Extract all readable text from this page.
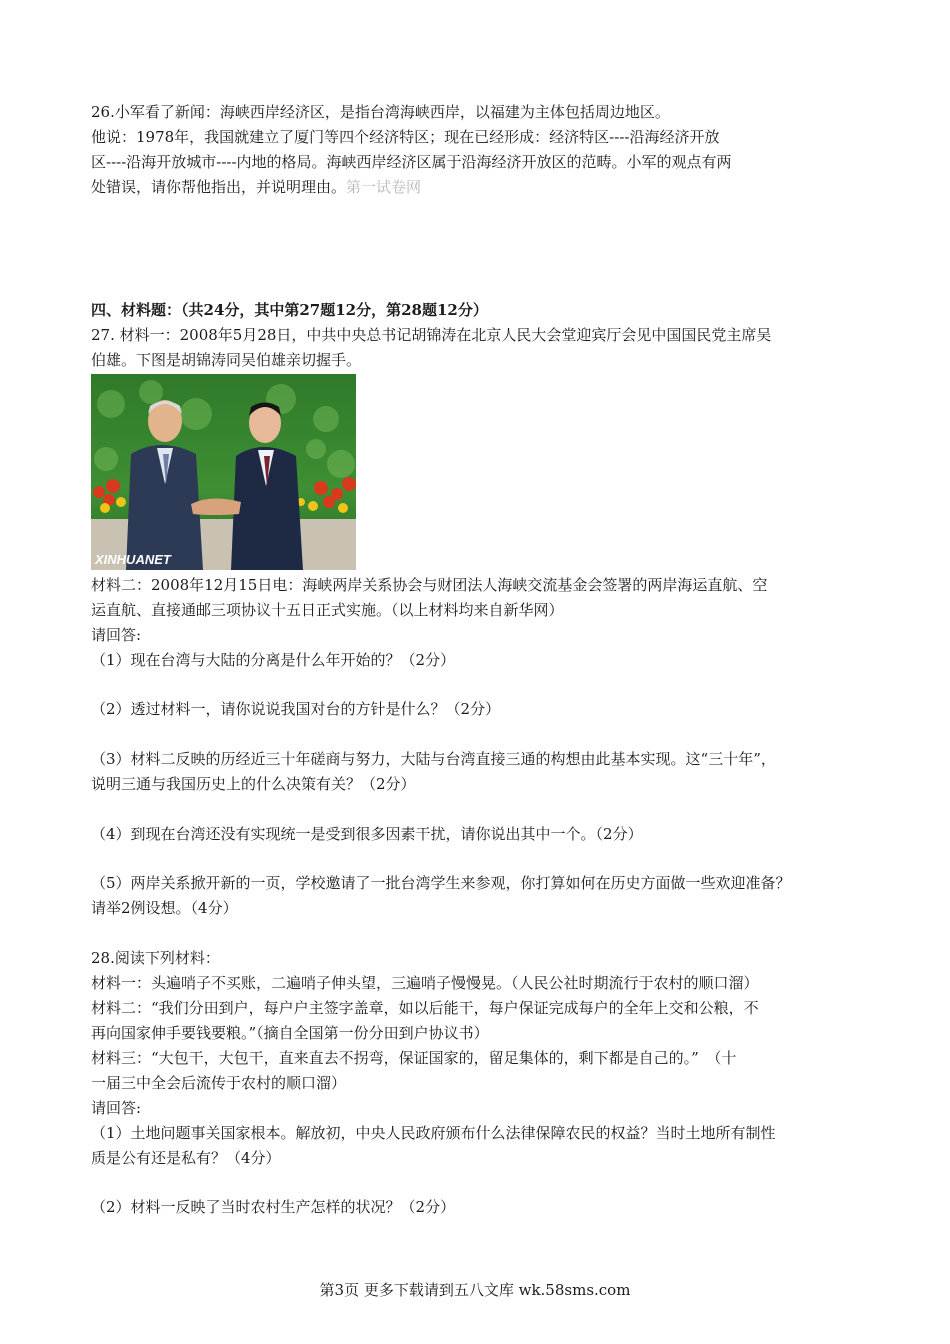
26.小军看了新闻：海峡西岸经济区，是指台湾海峡西岸，以福建为主体包括周边地区。
他说：1978年，我国就建立了厦门等四个经济特区；现在已经形成：经济特区----沿海经济开放
区----沿海开放城市----内地的格局。海峡西岸经济区属于沿海经济开放区的范畴。小军的观点有两
处错误，请你帮他指出，并说明理由。第一试卷网
四、材料题：（共24分，其中第27题12分，第28题12分）
27. 材料一：2008年5月28日，中共中央总书记胡锦涛在北京人民大会堂迎宾厅会见中国国民党主席吴
伯雄。下图是胡锦涛同吴伯雄亲切握手。
XINHUANET
材料二：2008年12月15日电：海峡两岸关系协会与财团法人海峡交流基金会签署的两岸海运直航、空
运直航、直接通邮三项协议十五日正式实施。（以上材料均来自新华网）
请回答:
（1）现在台湾与大陆的分离是什么年开始的？（2分）
（2）透过材料一，请你说说我国对台的方针是什么？（2分）
（3）材料二反映的历经近三十年磋商与努力，大陆与台湾直接三通的构想由此基本实现。这“三十年”，
说明三通与我国历史上的什么决策有关？（2分）
（4）到现在台湾还没有实现统一是受到很多因素干扰，请你说出其中一个。（2分）
（5）两岸关系掀开新的一页，学校邀请了一批台湾学生来参观，你打算如何在历史方面做一些欢迎准备？
请举2例设想。（4分）
28.阅读下列材料：
材料一：头遍哨子不买账，二遍哨子伸头望，三遍哨子慢慢晃。（人民公社时期流行于农村的顺口溜）
材料二：“我们分田到户，每户户主签字盖章，如以后能干，每户保证完成每户的全年上交和公粮，不
再向国家伸手要钱要粮。”（摘自全国第一份分田到户协议书）
材料三：“大包干，大包干，直来直去不拐弯，保证国家的，留足集体的，剩下都是自己的。”　（十
一届三中全会后流传于农村的顺口溜）
请回答:
（1）土地问题事关国家根本。解放初，中央人民政府颁布什么法律保障农民的权益？当时土地所有制性
质是公有还是私有？（4分）
（2）材料一反映了当时农村生产怎样的状况？（2分）
第3页 更多下载请到五八文库 wk.58sms.com
